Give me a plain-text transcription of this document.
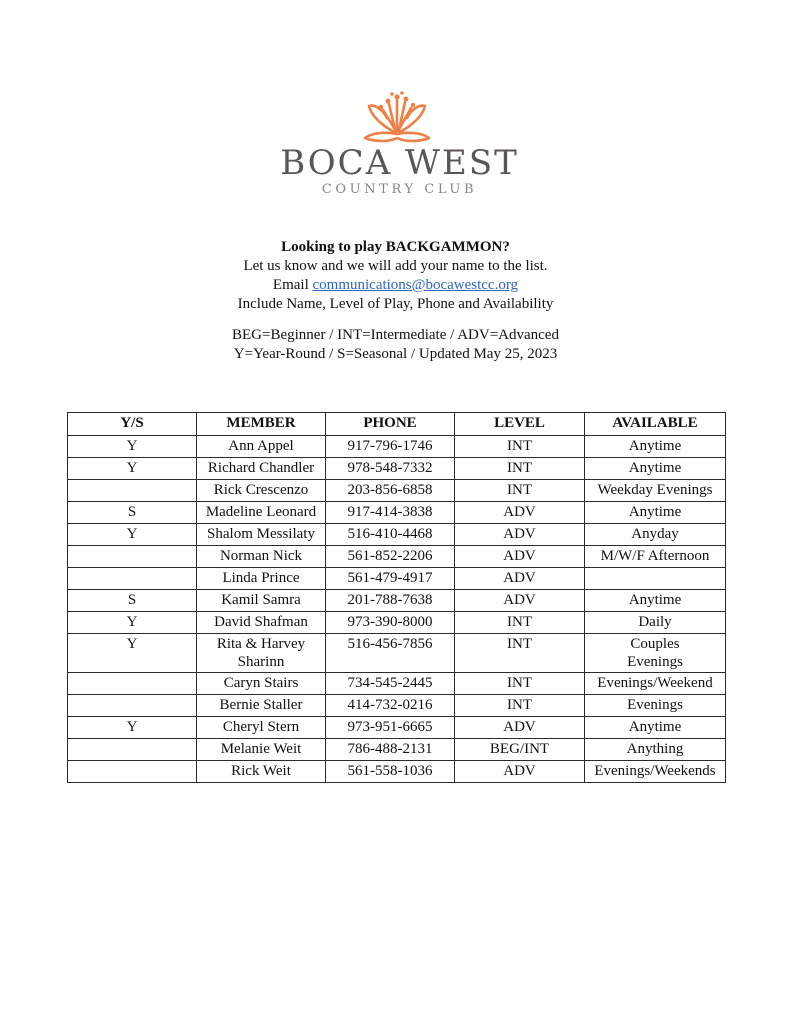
BOCA WEST
COUNTRY CLUB
Looking to play BACKGAMMON?
Let us know and we will add your name to the list.
Email communications@bocawestcc.org
Include Name, Level of Play, Phone and Availability
BEG=Beginner / INT=Intermediate / ADV=Advanced
Y=Year-Round / S=Seasonal / Updated May 25, 2023
Y/S	MEMBER	PHONE	LEVEL	AVAILABLE
Y	Ann Appel	917-796-1746	INT	Anytime
Y	Richard Chandler	978-548-7332	INT	Anytime
	Rick Crescenzo	203-856-6858	INT	Weekday Evenings
S	Madeline Leonard	917-414-3838	ADV	Anytime
Y	Shalom Messilaty	516-410-4468	ADV	Anyday
	Norman Nick	561-852-2206	ADV	M/W/F Afternoon
	Linda Prince	561-479-4917	ADV	
S	Kamil Samra	201-788-7638	ADV	Anytime
Y	David Shafman	973-390-8000	INT	Daily
Y	Rita & Harvey Sharinn	516-456-7856	INT	Couples Evenings
	Caryn Stairs	734-545-2445	INT	Evenings/Weekend
	Bernie Staller	414-732-0216	INT	Evenings
Y	Cheryl Stern	973-951-6665	ADV	Anytime
	Melanie Weit	786-488-2131	BEG/INT	Anything
	Rick Weit	561-558-1036	ADV	Evenings/Weekends
